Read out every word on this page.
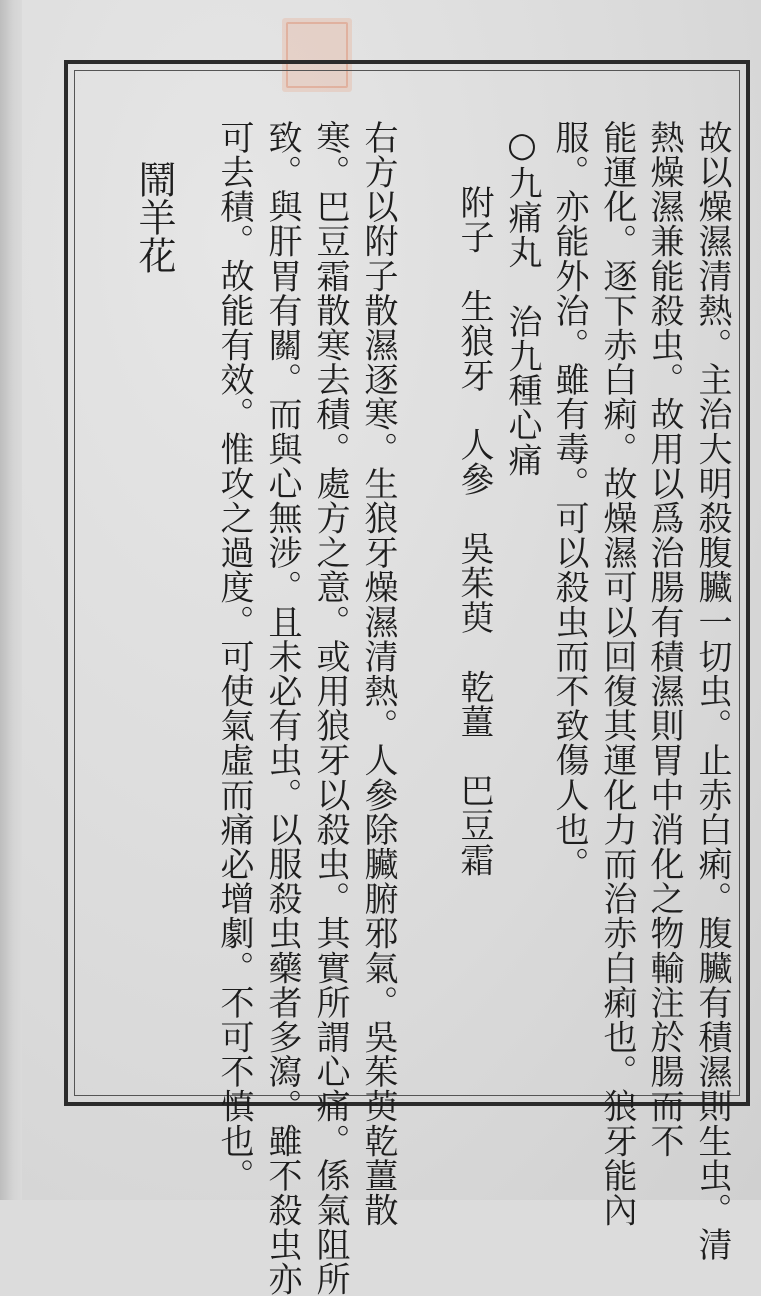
故以燥濕清熱。主治大明殺腹臟一切虫。止赤白痢。腹臟有積濕則生虫。清
熱燥濕兼能殺虫。故用以爲治腸有積濕則胃中消化之物輸注於腸而不
能運化。逐下赤白痢。故燥濕可以回復其運化力而治赤白痢也。狼牙能內
服。亦能外治。雖有毒。可以殺虫而不致傷人也。
○九痛丸　治九種心痛
附子　生狼牙　人參　吳茱萸　乾薑　巴豆霜
右方以附子散濕逐寒。生狼牙燥濕清熱。人參除臟腑邪氣。吳茱萸乾薑散
寒。巴豆霜散寒去積。處方之意。或用狼牙以殺虫。其實所謂心痛。係氣阻所
致。與肝胃有關。而與心無涉。且未必有虫。以服殺虫藥者多瀉。雖不殺虫亦
可去積。故能有效。惟攻之過度。可使氣虛而痛必增劇。不可不慎也。
鬧羊花
